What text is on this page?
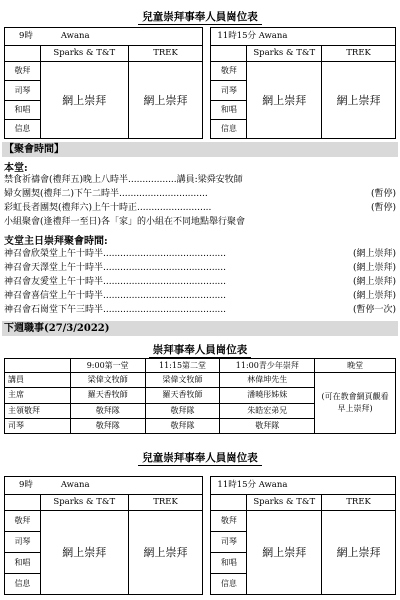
兒童崇拜事奉人員崗位表
9時 Awana				11時15分 Awana		
	Sparks & T&T	TREK			Sparks & T&T	TREK
敬拜	網上崇拜	網上崇拜		敬拜	網上崇拜	網上崇拜
司琴				司琴		
和唱				和唱		
信息				信息		
【聚會時間】
本堂:
禁食祈禱會(禮拜五)晚上八時半.................講員:梁舜安牧師
婦女團契(禮拜二)下午二時半...............................	(暫停)
彩虹長者團契(禮拜六)上午十時正..........................	(暫停)
小組聚會(逢禮拜一至日)各「家」的小組在不同地點舉行聚會
支堂主日崇拜聚會時間:
神召會欣榮堂上午十時半...........................................	(網上崇拜)
神召會天澤堂上午十時半...........................................	(網上崇拜)
神召會友愛堂上午十時半...........................................	(網上崇拜)
神召會喜信堂上午十時半...........................................	(網上崇拜)
神召會石崗堂下午三時半...........................................	(暫停一次)
下週職事(27/3/2022)
崇拜事奉人員崗位表
	9:00第一堂	11:15第二堂	11:00青少年崇拜	晚堂
講員	梁偉文牧師	梁偉文牧師	林偉坤先生	(可在教會網頁觀看早上崇拜)
主席	羅天香牧師	羅天香牧師	潘曉彤姊妹	
主領敬拜	敬拜隊	敬拜隊	朱皓宏弟兄	
司琴	敬拜隊	敬拜隊	敬拜隊	
兒童崇拜事奉人員崗位表
9時 Awana				11時15分 Awana		
	Sparks & T&T	TREK			Sparks & T&T	TREK
敬拜	網上崇拜	網上崇拜		敬拜	網上崇拜	網上崇拜
司琴				司琴		
和唱				和唱		
信息				信息		
